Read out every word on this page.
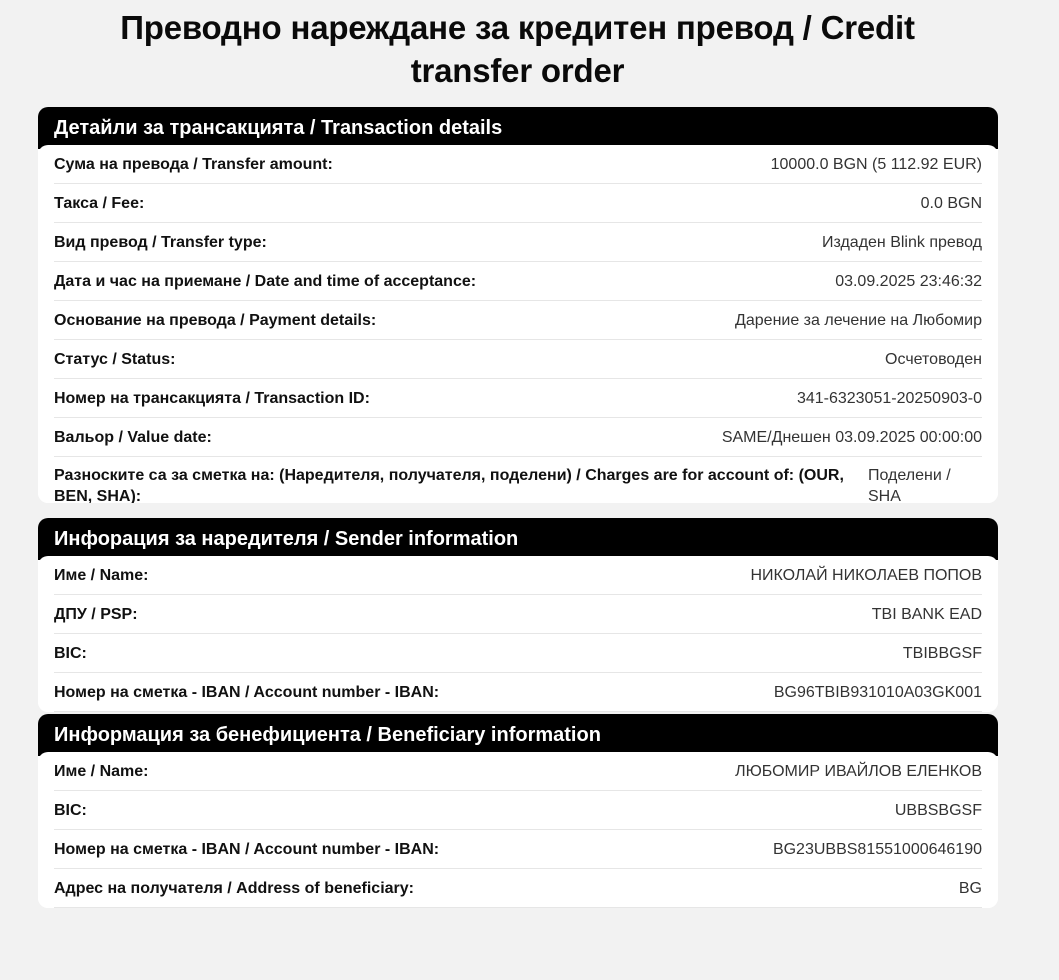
Преводно нареждане за кредитен превод / Credit transfer order
Детайли за трансакцията / Transaction details
Сума на превода / Transfer amount:	10000.0 BGN (5 112.92 EUR)
Такса / Fee:	0.0 BGN
Вид превод / Transfer type:	Издаден Blink превод
Дата и час на приемане / Date and time of acceptance:	03.09.2025 23:46:32
Основание на превода / Payment details:	Дарение за лечение на Любомир
Статус / Status:	Осчетоводен
Номер на трансакцията / Transaction ID:	341-6323051-20250903-0
Вальор / Value date:	SAME/Днешен 03.09.2025 00:00:00
Разноските са за сметка на: (Наредителя, получателя, поделени) / Charges are for account of: (OUR, BEN, SHA):
Поделени / SHA
Инфорация за наредителя / Sender information
Име / Name:	НИКОЛАЙ НИКОЛАЕВ ПОПОВ
ДПУ / PSP:	TBI BANK EAD
BIC:	TBIBBGSF
Номер на сметка - IBAN / Account number - IBAN:	BG96TBIB931010A03GK001
Информация за бенефициента / Beneficiary information
Име / Name:	ЛЮБОМИР ИВАЙЛОВ ЕЛЕНКОВ
BIC:	UBBSBGSF
Номер на сметка - IBAN / Account number - IBAN:	BG23UBBS81551000646190
Адрес на получателя / Address of beneficiary:	BG
